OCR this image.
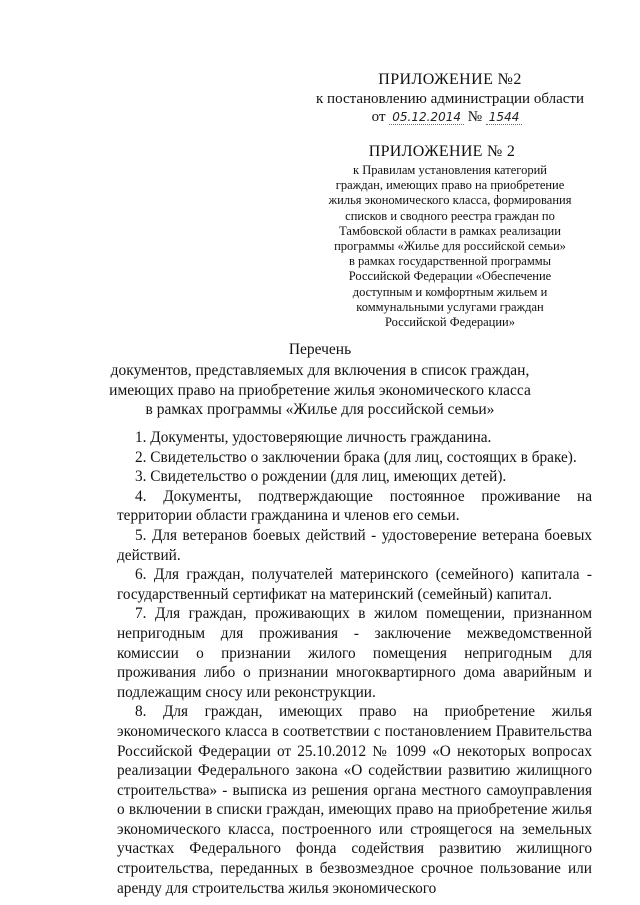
ПРИЛОЖЕНИЕ №2
к постановлению администрации области
от 05.12.2014 № 1544
ПРИЛОЖЕНИЕ № 2
к Правилам установления категорий
граждан, имеющих право на приобретение
жилья экономического класса, формирования
списков и сводного реестра граждан по
Тамбовской области в рамках реализации
программы «Жилье для российской семьи»
в рамках государственной программы
Российской Федерации «Обеспечение
доступным и комфортным жильем и
коммунальными услугами граждан
Российской Федерации»
Перечень
документов, представляемых для включения в список граждан,
имеющих право на приобретение жилья экономического класса
в рамках программы «Жилье для российской семьи»

1. Документы, удостоверяющие личность гражданина.

2. Свидетельство о заключении брака (для лиц, состоящих в браке).

3. Свидетельство о рождении (для лиц, имеющих детей).

4. Документы, подтверждающие постоянное проживание на территории области гражданина и членов его семьи.

5. Для ветеранов боевых действий - удостоверение ветерана боевых действий.

6. Для граждан, получателей материнского (семейного) капитала - государственный сертификат на материнский (семейный) капитал.

7. Для граждан, проживающих в жилом помещении, признанном непригодным для проживания - заключение межведомственной комиссии о признании жилого помещения непригодным для проживания либо о признании многоквартирного дома аварийным и подлежащим сносу или реконструкции.

8. Для граждан, имеющих право на приобретение жилья экономического класса в соответствии с постановлением Правительства Российской Федерации от 25.10.2012 № 1099 «О некоторых вопросах реализации Федерального закона «О содействии развитию жилищного строительства» - выписка из решения органа местного самоуправления о включении в списки граждан, имеющих право на приобретение жилья экономического класса, построенного или строящегося на земельных участках Федерального фонда содействия развитию жилищного строительства, переданных в безвозмездное срочное пользование или аренду для строительства жилья экономического
